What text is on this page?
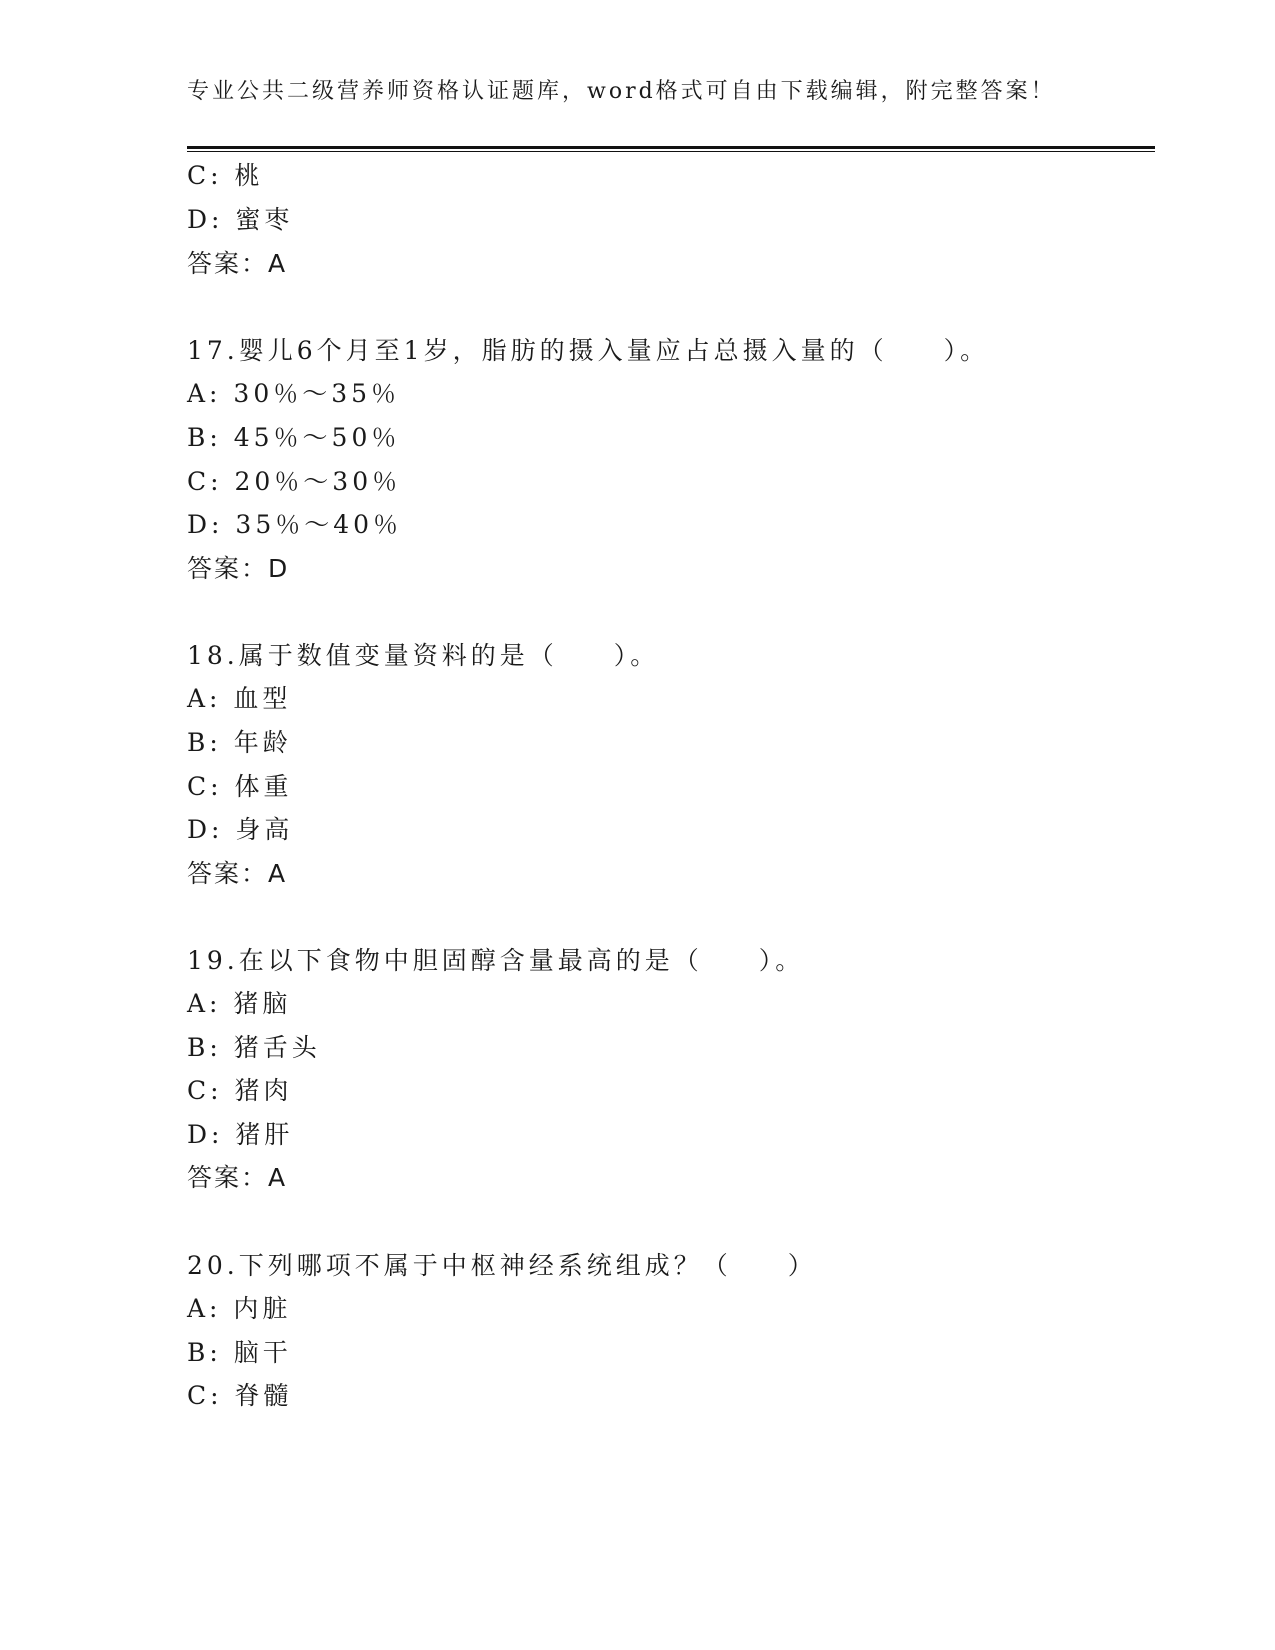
专业公共二级营养师资格认证题库，word格式可自由下载编辑，附完整答案！
C: 桃
D: 蜜枣
答案：A
17.婴儿6个月至1岁，脂肪的摄入量应占总摄入量的（ ）。
A: 30％～35％
B: 45％～50％
C: 20％～30％
D: 35％～40％
答案：D
18.属于数值变量资料的是（ ）。
A: 血型
B: 年龄
C: 体重
D: 身高
答案：A
19.在以下食物中胆固醇含量最高的是（ ）。
A: 猪脑
B: 猪舌头
C: 猪肉
D: 猪肝
答案：A
20.下列哪项不属于中枢神经系统组成？（ ）
A: 内脏
B: 脑干
C: 脊髓
